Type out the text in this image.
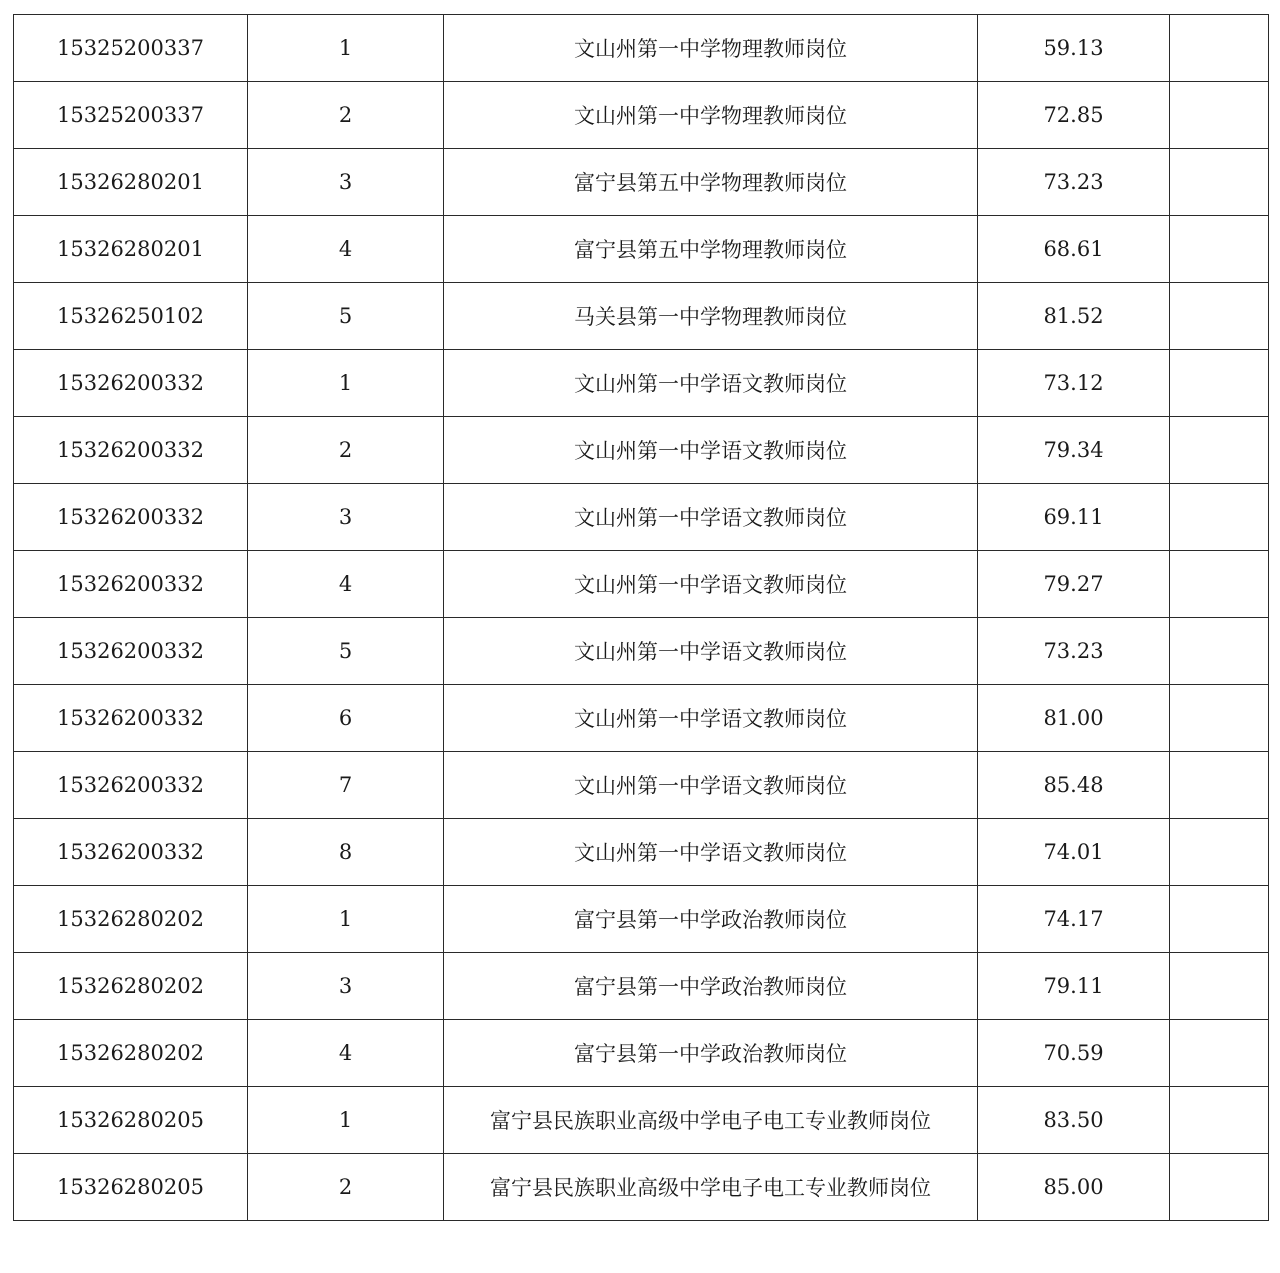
15325200337	1	文山州第一中学物理教师岗位	59.13	
15325200337	2	文山州第一中学物理教师岗位	72.85	
15326280201	3	富宁县第五中学物理教师岗位	73.23	
15326280201	4	富宁县第五中学物理教师岗位	68.61	
15326250102	5	马关县第一中学物理教师岗位	81.52	
15326200332	1	文山州第一中学语文教师岗位	73.12	
15326200332	2	文山州第一中学语文教师岗位	79.34	
15326200332	3	文山州第一中学语文教师岗位	69.11	
15326200332	4	文山州第一中学语文教师岗位	79.27	
15326200332	5	文山州第一中学语文教师岗位	73.23	
15326200332	6	文山州第一中学语文教师岗位	81.00	
15326200332	7	文山州第一中学语文教师岗位	85.48	
15326200332	8	文山州第一中学语文教师岗位	74.01	
15326280202	1	富宁县第一中学政治教师岗位	74.17	
15326280202	3	富宁县第一中学政治教师岗位	79.11	
15326280202	4	富宁县第一中学政治教师岗位	70.59	
15326280205	1	富宁县民族职业高级中学电子电工专业教师岗位	83.50	
15326280205	2	富宁县民族职业高级中学电子电工专业教师岗位	85.00	
